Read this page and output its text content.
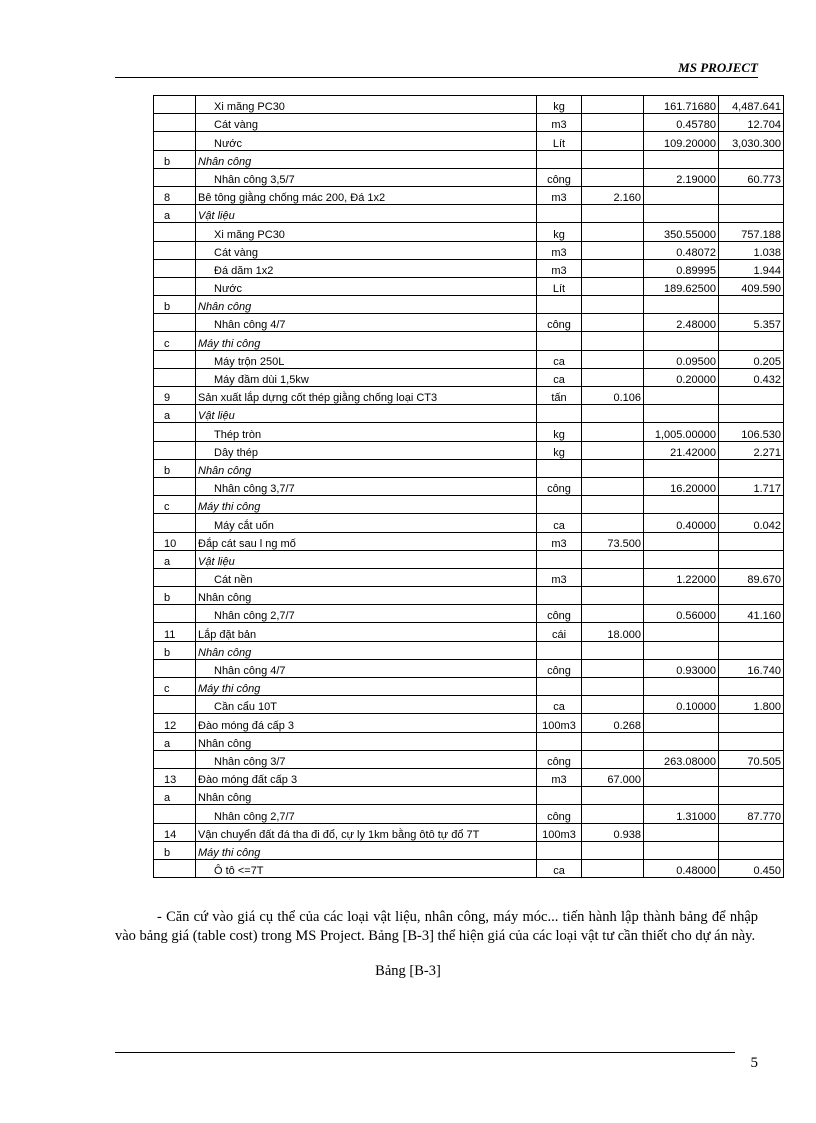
MS PROJECT
	Xi măng PC30	kg		161.71680	4,487.641
	Cát vàng	m3		0.45780	12.704
	Nước	Lít		109.20000	3,030.300
b	Nhân công				
	Nhân công 3,5/7	công		2.19000	60.773
8	Bê tông giằng chống mác 200, Đá 1x2	m3	2.160		
a	Vật liệu				
	Xi măng PC30	kg		350.55000	757.188
	Cát vàng	m3		0.48072	1.038
	Đá dăm 1x2	m3		0.89995	1.944
	Nước	Lít		189.62500	409.590
b	Nhân công				
	Nhân công 4/7	công		2.48000	5.357
c	Máy thi công				
	Máy trộn 250L	ca		0.09500	0.205
	Máy đầm dùi 1,5kw	ca		0.20000	0.432
9	Sản xuất lắp dựng cốt thép giằng chống loại CT3	tấn	0.106		
a	Vật liệu				
	Thép tròn	kg		1,005.00000	106.530
	Dây thép	kg		21.42000	2.271
b	Nhân công				
	Nhân công 3,7/7	công		16.20000	1.717
c	Máy thi công				
	Máy cắt uốn	ca		0.40000	0.042
10	Đắp cát sau l ng mố	m3	73.500		
a	Vật liệu				
	Cát nền	m3		1.22000	89.670
b	Nhân công				
	Nhân công 2,7/7	công		0.56000	41.160
11	Lắp đặt bản	cái	18.000		
b	Nhân công				
	Nhân công 4/7	công		0.93000	16.740
c	Máy thi công				
	Cần cẩu 10T	ca		0.10000	1.800
12	Đào móng đá cấp 3	100m3	0.268		
a	Nhân công				
	Nhân công 3/7	công		263.08000	70.505
13	Đào móng đất cấp 3	m3	67.000		
a	Nhân công				
	Nhân công 2,7/7	công		1.31000	87.770
14	Vận chuyển đất đá tha đi đổ, cự ly 1km bằng ôtô tự đổ 7T	100m3	0.938		
b	Máy thi công				
	Ô tô <=7T	ca		0.48000	0.450

- Căn cứ vào giá cụ thể của các loại vật liệu, nhân công, máy móc... tiến hành lập thành bảng để nhập vào bảng giá (table cost) trong MS Project. Bảng [B-3] thể hiện giá của các loại vật tư cần thiết cho dự án này.

Bảng [B-3]
5
